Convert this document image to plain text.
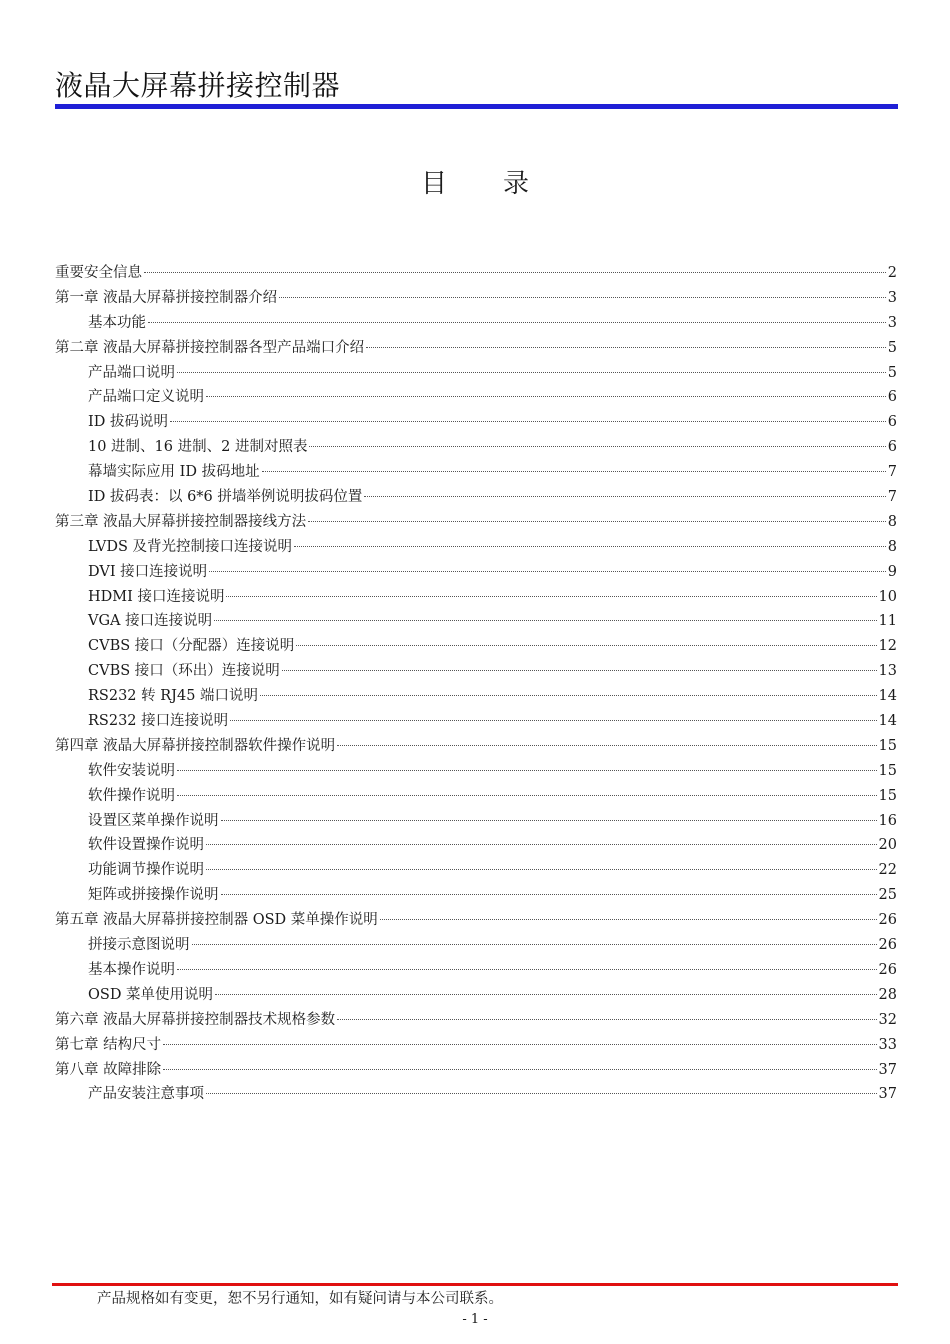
液晶大屏幕拼接控制器
目 录
重要安全信息	2
第一章 液晶大屏幕拼接控制器介绍	3
基本功能	3
第二章 液晶大屏幕拼接控制器各型产品端口介绍	5
产品端口说明	5
产品端口定义说明	6
ID 拔码说明	6
10 进制、16 进制、2 进制对照表	6
幕墙实际应用 ID 拔码地址	7
ID 拔码表：以 6*6 拼墙举例说明拔码位置	7
第三章 液晶大屏幕拼接控制器接线方法	8
LVDS 及背光控制接口连接说明	8
DVI 接口连接说明	9
HDMI 接口连接说明	10
VGA 接口连接说明	11
CVBS 接口（分配器）连接说明	12
CVBS 接口（环出）连接说明	13
RS232 转 RJ45 端口说明	14
RS232 接口连接说明	14
第四章 液晶大屏幕拼接控制器软件操作说明	15
软件安装说明	15
软件操作说明	15
设置区菜单操作说明	16
软件设置操作说明	20
功能调节操作说明	22
矩阵或拼接操作说明	25
第五章 液晶大屏幕拼接控制器 OSD 菜单操作说明	26
拼接示意图说明	26
基本操作说明	26
OSD 菜单使用说明	28
第六章 液晶大屏幕拼接控制器技术规格参数	32
第七章 结构尺寸	33
第八章 故障排除	37
产品安装注意事项	37
产品规格如有变更，恕不另行通知，如有疑问请与本公司联系。
- 1 -
